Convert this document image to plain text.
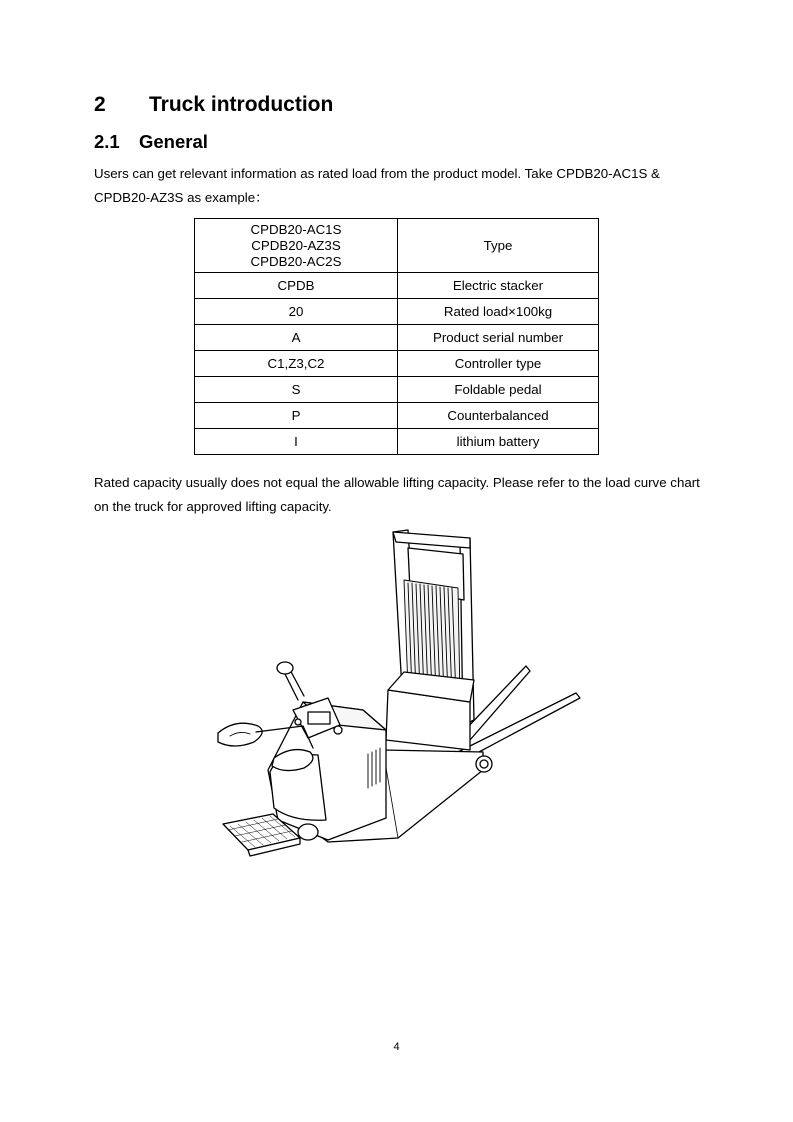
2 Truck introduction
2.1 General
Users can get relevant information as rated load from the product model. Take CPDB20-AC1S & CPDB20-AZ3S as example：
CPDB20-AC1S
CPDB20-AZ3S
CPDB20-AC2S	Type
CPDB	Electric stacker
20	Rated load×100kg
A	Product serial number
C1,Z3,C2	Controller type
S	Foldable pedal
P	Counterbalanced
I	lithium battery
Rated capacity usually does not equal the allowable lifting capacity. Please refer to the load curve chart on the truck for approved lifting capacity.
4
